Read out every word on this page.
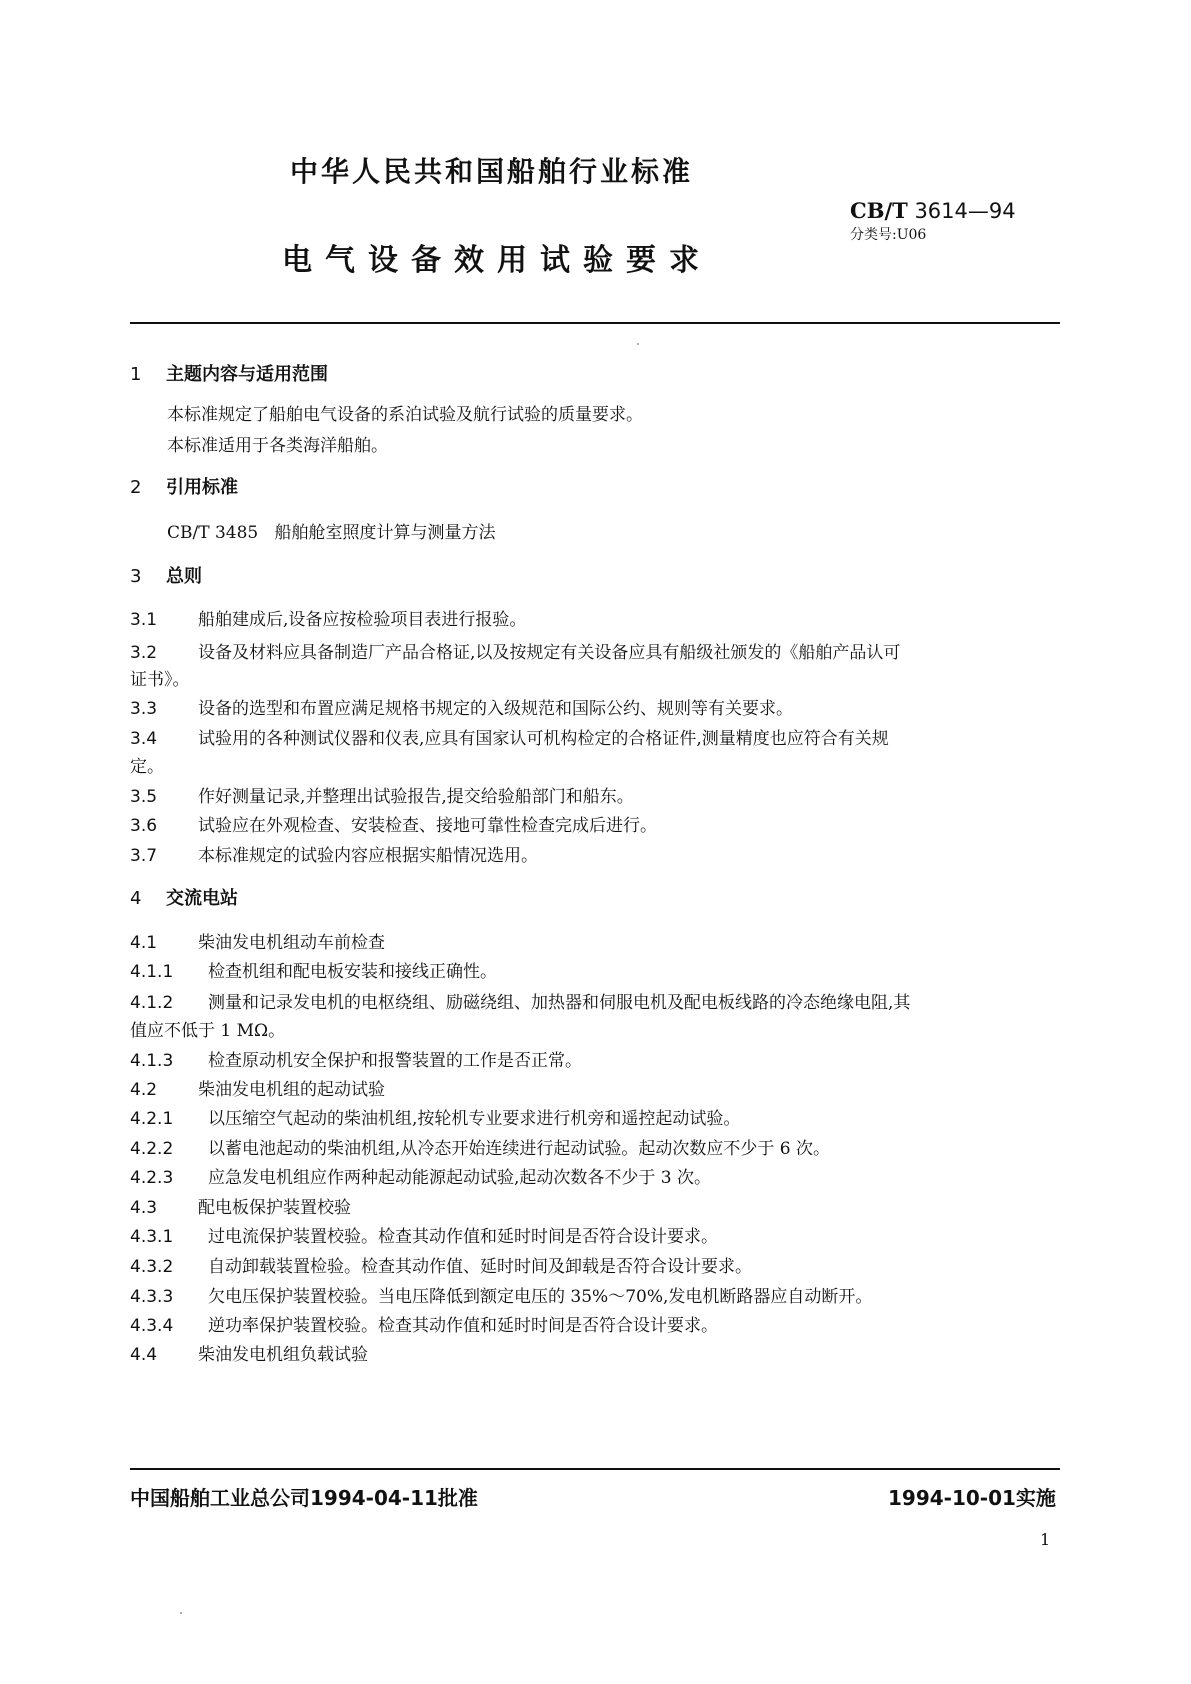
中华人民共和国船舶行业标准
CB/T 3614—94
分类号:U06
电气设备效用试验要求
1 主题内容与适用范围
本标准规定了船舶电气设备的系泊试验及航行试验的质量要求。
本标准适用于各类海洋船舶。
2 引用标准
CB/T 3485   船舶舱室照度计算与测量方法
3 总则
3.1 船舶建成后,设备应按检验项目表进行报验。
3.2 设备及材料应具备制造厂产品合格证,以及按规定有关设备应具有船级社颁发的《船舶产品认可
证书》。
3.3 设备的选型和布置应满足规格书规定的入级规范和国际公约、规则等有关要求。
3.4 试验用的各种测试仪器和仪表,应具有国家认可机构检定的合格证件,测量精度也应符合有关规
定。
3.5 作好测量记录,并整理出试验报告,提交给验船部门和船东。
3.6 试验应在外观检查、安装检查、接地可靠性检查完成后进行。
3.7 本标准规定的试验内容应根据实船情况选用。
4 交流电站
4.1 柴油发电机组动车前检查
4.1.1 检查机组和配电板安装和接线正确性。
4.1.2 测量和记录发电机的电枢绕组、励磁绕组、加热器和伺服电机及配电板线路的冷态绝缘电阻,其
值应不低于 1 MΩ。
4.1.3 检查原动机安全保护和报警装置的工作是否正常。
4.2 柴油发电机组的起动试验
4.2.1 以压缩空气起动的柴油机组,按轮机专业要求进行机旁和遥控起动试验。
4.2.2 以蓄电池起动的柴油机组,从冷态开始连续进行起动试验。起动次数应不少于 6 次。
4.2.3 应急发电机组应作两种起动能源起动试验,起动次数各不少于 3 次。
4.3 配电板保护装置校验
4.3.1 过电流保护装置校验。检查其动作值和延时时间是否符合设计要求。
4.3.2 自动卸载装置检验。检查其动作值、延时时间及卸载是否符合设计要求。
4.3.3 欠电压保护装置校验。当电压降低到额定电压的 35%～70%,发电机断路器应自动断开。
4.3.4 逆功率保护装置校验。检查其动作值和延时时间是否符合设计要求。
4.4 柴油发电机组负载试验
中国船舶工业总公司1994-04-11批准	1994-10-01实施
1
